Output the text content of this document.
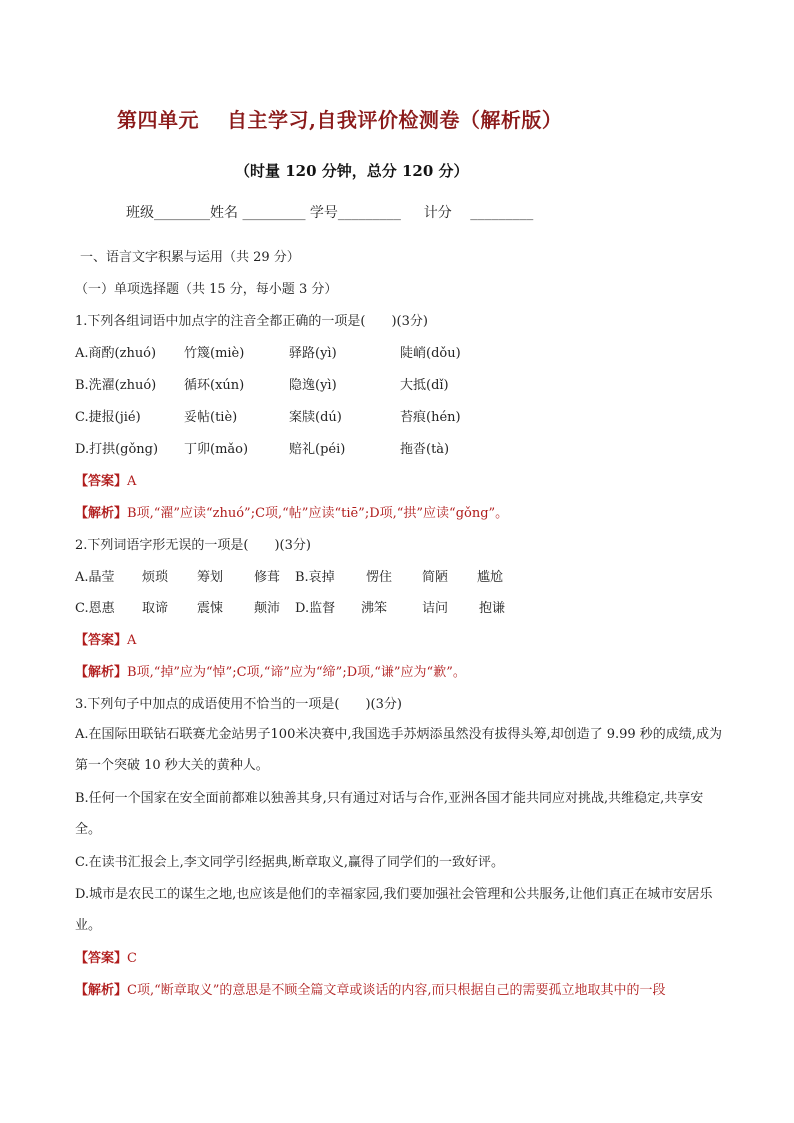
第四单元　 自主学习,自我评价检测卷（解析版）
（时量 120 分钟，总分 120 分）
班级________姓名 _________ 学号_________　  计分　 _________
一、语言文字积累与运用（共 29 分）
（一）单项选择题（共 15 分，每小题 3 分）
1.下列各组词语中加点字的注音全都正确的一项是(　　)(3分)
A.商酌(zhuó) 竹篾(miè)	驿路(yì)	陡峭(dǒu)
B.洗濯(zhuó) 循环(xún)	隐逸(yì)	大抵(dǐ)
C.捷报(jié)	妥帖(tiè)	案牍(dú)	苔痕(hén)
D.打拱(gǒng) 丁卯(mǎo)	赔礼(péi)	拖沓(tà)
【答案】A
【解析】B项,“濯”应读“zhuó”;C项,“帖”应读“tiē”;D项,“拱”应读“gǒng”。
2.下列词语字形无误的一项是(　　)(3分)
A.晶莹 烦琐 筹划 修葺 B.哀掉 愣住 简陋 尴尬
C.恩惠 取谛 震悚 颠沛 D.监督 沸笨	诘问 抱谦
【答案】A
【解析】B项,“掉”应为“悼”;C项,“谛”应为“缔”;D项,“谦”应为“歉”。
3.下列句子中加点的成语使用不恰当的一项是(　　)(3分)
A.在国际田联钻石联赛尤金站男子100米决赛中,我国选手苏炳添虽然没有拔得头筹,却创造了 9.99 秒的成绩,成为第一个突破 10 秒大关的黄种人。
B.任何一个国家在安全面前都难以独善其身,只有通过对话与合作,亚洲各国才能共同应对挑战,共维稳定,共享安全。
C.在读书汇报会上,李文同学引经据典,断章取义,赢得了同学们的一致好评。
D.城市是农民工的谋生之地,也应该是他们的幸福家园,我们要加强社会管理和公共服务,让他们真正在城市安居乐业。
【答案】C
【解析】C项,“断章取义”的意思是不顾全篇文章或谈话的内容,而只根据自己的需要孤立地取其中的一段
